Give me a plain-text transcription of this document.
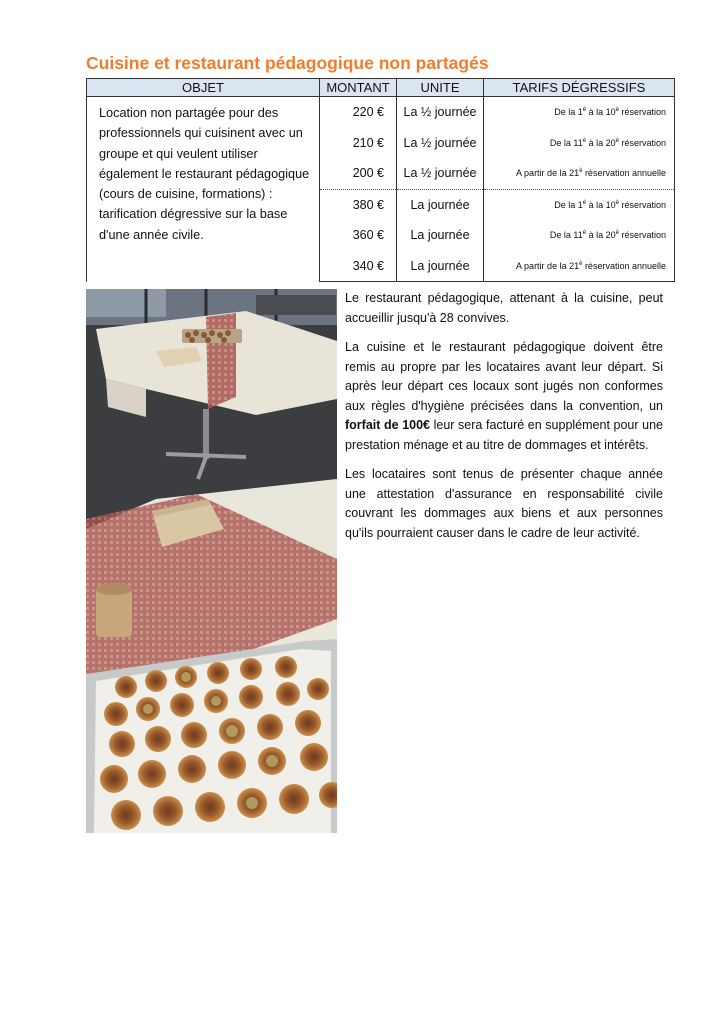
Cuisine et restaurant pédagogique non partagés
OBJET	MONTANT	UNITE	TARIFS DÉGRESSIFS
Location non partagée pour des professionnels qui cuisinent avec un groupe et qui veulent utiliser également le restaurant pédagogique (cours de cuisine, formations) : tarification dégressive sur la base d'une année civile.	220 €	La ½ journée	De la $1^è$ à la $10^è$ réservation
	210 €	La ½ journée	De la $11^è$ à la $20^è$ réservation
	200 €	La ½ journée	A partir de la $21^è$ réservation annuelle
	380 €	La journée	De la $1^è$ à la $10^è$ réservation
	360 €	La journée	De la $11^è$ à la $20^è$ réservation
	340 €	La journée	A partir de la $21^è$ réservation annuelle

Le restaurant pédagogique, attenant à la cuisine, peut accueillir jusqu'à 28 convives.

La cuisine et le restaurant pédagogique doivent être remis au propre par les locataires avant leur départ. Si après leur départ ces locaux sont jugés non conformes aux règles d'hygiène précisées dans la convention, un forfait de 100€ leur sera facturé en supplément pour une prestation ménage et au titre de dommages et intérêts.

Les locataires sont tenus de présenter chaque année une attestation d'assurance en responsabilité civile couvrant les dommages aux biens et aux personnes qu'ils pourraient causer dans le cadre de leur activité.
